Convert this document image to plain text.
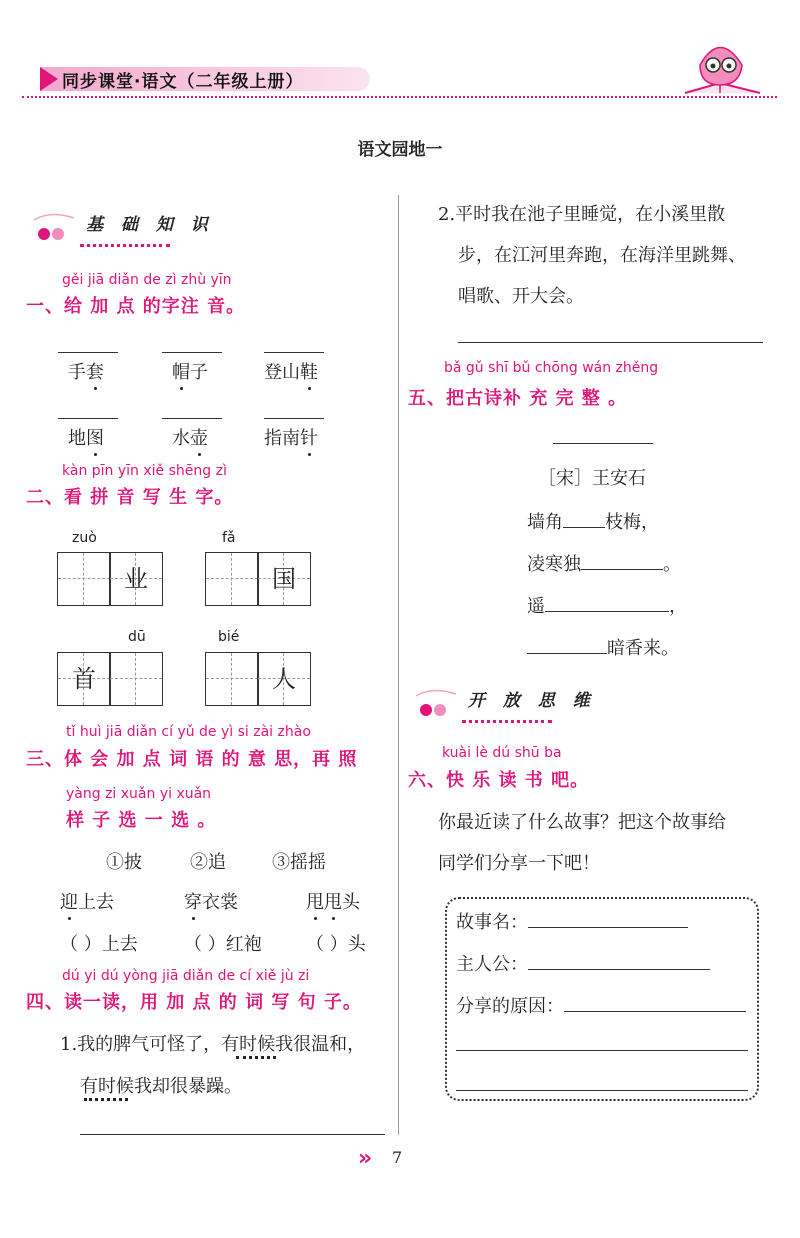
同步课堂·语文（二年级上册）
语文园地一
基 础 知 识
gěi jiā diǎn de zì zhù yīn
一、给 加 点 的字注 音。
手套	帽子	登山鞋
地图	水壶	指南针
kàn pīn yīn xiě shēng zì
二、看 拼 音 写 生 字。
zuò
业
fǎ
国
dū
首
bié
人
tǐ huì jiā diǎn cí yǔ de yì si zài zhào
三、体 会 加 点 词 语 的 意 思，再 照
yàng zi xuǎn yi xuǎn
样 子 选 一 选 。
①披	②追	③摇摇
迎上去	穿衣裳	甩甩头
（ ）上去	（ ）红袍 （ ）头
dú yi dú yòng jiā diǎn de cí xiě jù zi
四、读一读，用 加 点 的 词 写 句 子。
1.我的脾气可怪了，有时候我很温和，
有时候我却很暴躁。
2.平时我在池子里睡觉，在小溪里散
步，在江河里奔跑，在海洋里跳舞、
唱歌、开大会。
bǎ gǔ shī bǔ chōng wán zhěng
五、把古诗补 充 完 整 。
［宋］王安石
墙角 枝梅，
凌寒独	。
遥	，
暗香来。
开 放 思 维
kuài lè dú shū ba
六、快 乐 读 书 吧。
你最近读了什么故事？把这个故事给
同学们分享一下吧！
故事名：
主人公：
分享的原因：
» 7
